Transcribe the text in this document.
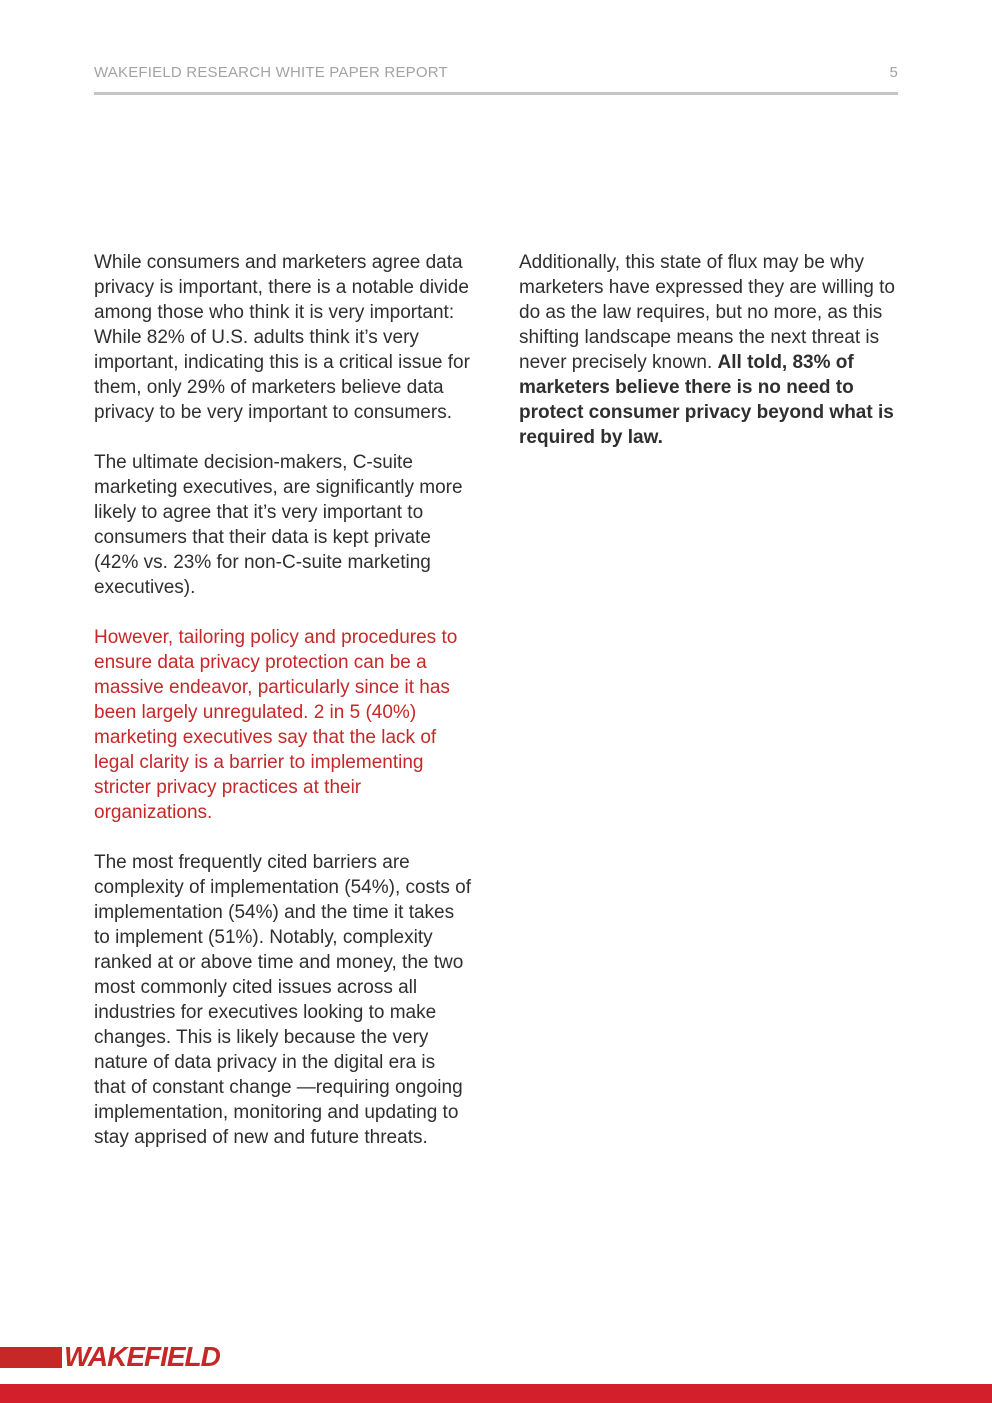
WAKEFIELD RESEARCH WHITE PAPER REPORT	5

While consumers and marketers agree data privacy is important, there is a notable divide among those who think it is very important: While 82% of U.S. adults think it’s very important, indicating this is a critical issue for them, only 29% of marketers believe data privacy to be very important to consumers.

The ultimate decision-makers, C-suite marketing executives, are significantly more likely to agree that it’s very important to consumers that their data is kept private (42% vs. 23% for non-C-suite marketing executives).

However, tailoring policy and procedures to ensure data privacy protection can be a massive endeavor, particularly since it has been largely unregulated. 2 in 5 (40%) marketing executives say that the lack of legal clarity is a barrier to implementing stricter privacy practices at their organizations.

The most frequently cited barriers are complexity of implementation (54%), costs of implementation (54%) and the time it takes to implement (51%). Notably, complexity ranked at or above time and money, the two most commonly cited issues across all industries for executives looking to make changes. This is likely because the very nature of data privacy in the digital era is that of constant change —requiring ongoing implementation, monitoring and updating to stay apprised of new and future threats.

Additionally, this state of flux may be why marketers have expressed they are willing to do as the law requires, but no more, as this shifting landscape means the next threat is never precisely known. All told, 83% of marketers believe there is no need to protect consumer privacy beyond what is required by law.

WAKEFIELD
